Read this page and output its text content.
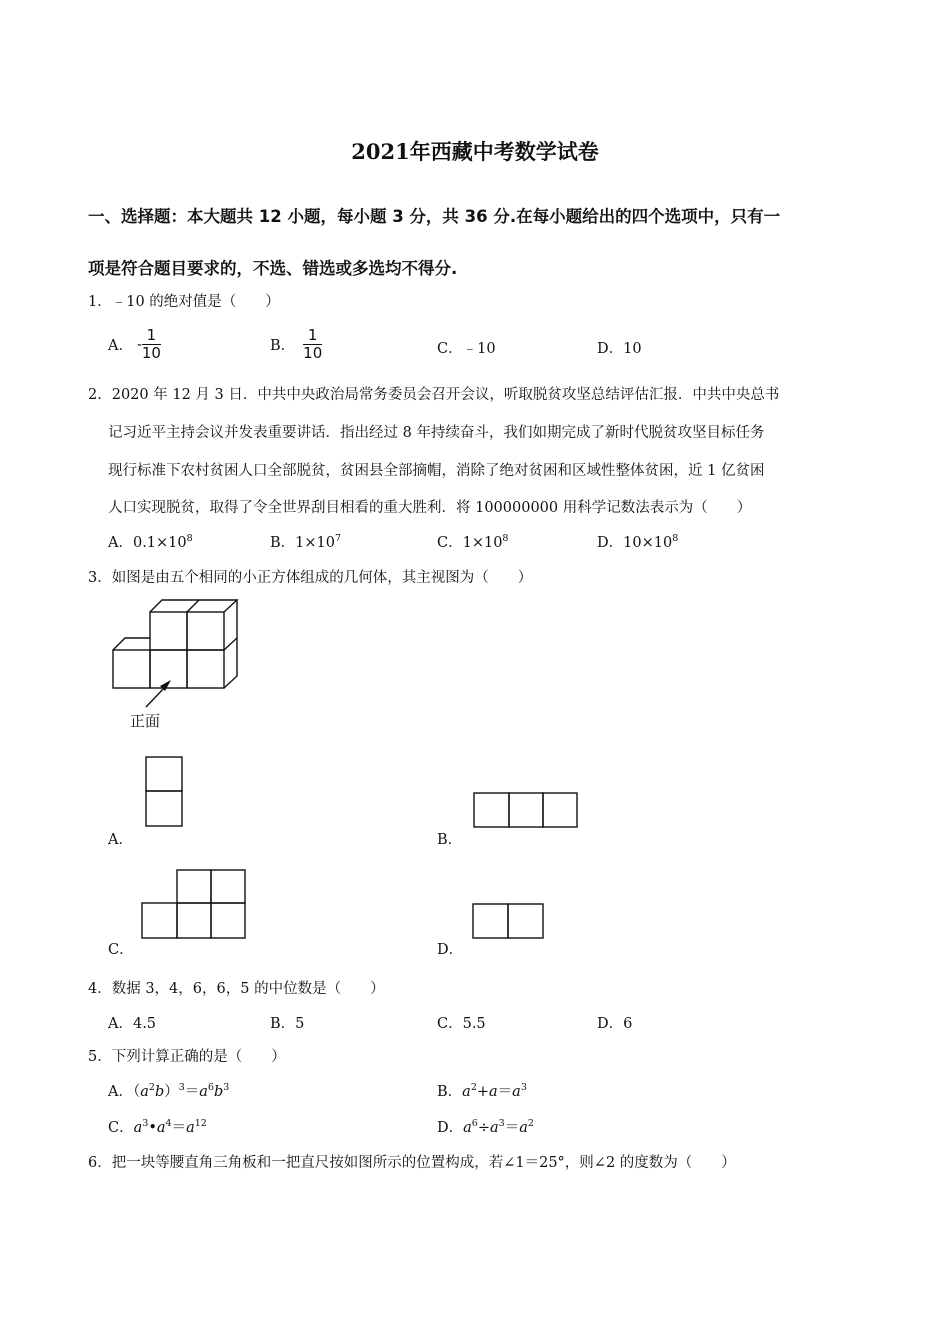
2021年西藏中考数学试卷
一、选择题：本大题共 12 小题，每小题 3 分，共 36 分.在每小题给出的四个选项中，只有一
项是符合题目要求的，不选、错选或多选均不得分.
1．﹣10 的绝对值是（　　）
A． - $\frac{1}{10}$	B． $\frac{1}{10}$	C．﹣10	D．10
2．2020 年 12 月 3 日．中共中央政治局常务委员会召开会议，听取脱贫攻坚总结评估汇报．中共中央总书
记习近平主持会议并发表重要讲话．指出经过 8 年持续奋斗，我们如期完成了新时代脱贫攻坚目标任务
现行标准下农村贫困人口全部脱贫，贫困县全部摘帽，消除了绝对贫困和区域性整体贫困，近 1 亿贫困
人口实现脱贫，取得了令全世界刮目相看的重大胜利．将 100000000 用科学记数法表示为（　　）
A．$0.1\times 10^8$	B．$1\times 10^7$	C．$1\times 10^8$	D．$10\times 10^8$
3．如图是由五个相同的小正方体组成的几何体，其主视图为（　　）
正面
A．	B．
C．	D．
4．数据 3，4，6，6，5 的中位数是（　　）
A．4.5	B．5	C．5.5	D．6
5．下列计算正确的是（　　）
A．$(a^2b)^3=a^6b^3$	B．$a^2+a=a^3$
C．$a^3•a^4=a^{12}$	D．$a^6\div a^3=a^2$
6．把一块等腰直角三角板和一把直尺按如图所示的位置构成，若∠1＝25°，则∠2 的度数为（　　）
